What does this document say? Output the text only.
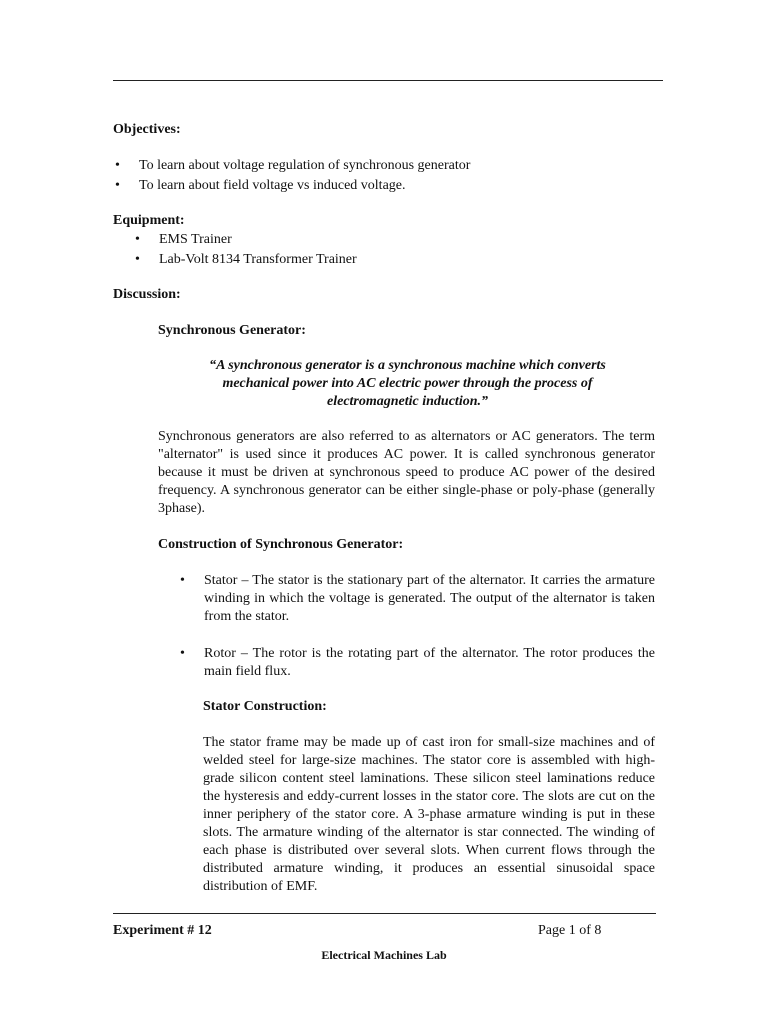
Objectives:
• To learn about voltage regulation of synchronous generator
• To learn about field voltage vs induced voltage.
Equipment:
• EMS Trainer
• Lab-Volt 8134 Transformer Trainer
Discussion:
Synchronous Generator:
“A synchronous generator is a synchronous machine which converts mechanical power into AC electric power through the process of electromagnetic induction.”
Synchronous generators are also referred to as alternators or AC generators. The term "alternator" is used since it produces AC power. It is called synchronous generator because it must be driven at synchronous speed to produce AC power of the desired frequency. A synchronous generator can be either single-phase or poly-phase (generally 3phase).
Construction of Synchronous Generator:
• Stator – The stator is the stationary part of the alternator. It carries the armature winding in which the voltage is generated. The output of the alternator is taken from the stator.
• Rotor – The rotor is the rotating part of the alternator. The rotor produces the main field flux.
Stator Construction:
The stator frame may be made up of cast iron for small-size machines and of welded steel for large-size machines. The stator core is assembled with high-grade silicon content steel laminations. These silicon steel laminations reduce the hysteresis and eddy-current losses in the stator core. The slots are cut on the inner periphery of the stator core. A 3-phase armature winding is put in these slots. The armature winding of the alternator is star connected. The winding of each phase is distributed over several slots. When current flows through the distributed armature winding, it produces an essential sinusoidal space distribution of EMF.
Experiment # 12	Page 1 of 8
Electrical Machines Lab
